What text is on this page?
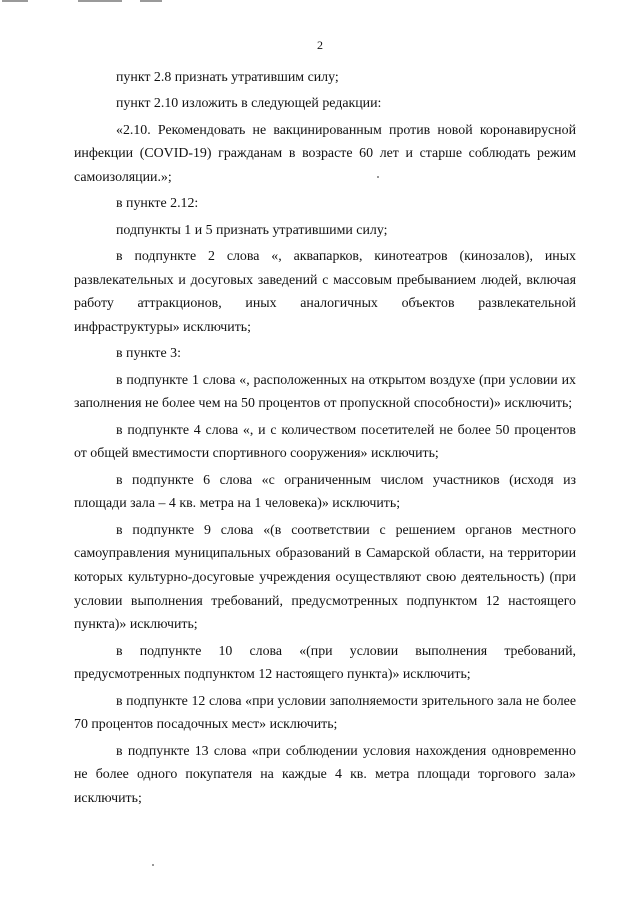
2

пункт 2.8 признать утратившим силу;

пункт 2.10 изложить в следующей редакции:

«2.10. Рекомендовать не вакцинированным против новой коронавирусной инфекции (COVID-19) гражданам в возрасте 60 лет и старше соблюдать режим самоизоляции.»;

в пункте 2.12:

подпункты 1 и 5 признать утратившими силу;

в подпункте 2 слова «, аквапарков, кинотеатров (кинозалов), иных развлекательных и досуговых заведений с массовым пребыванием людей, включая работу аттракционов, иных аналогичных объектов развлекательной инфраструктуры» исключить;

в пункте 3:

в подпункте 1 слова «, расположенных на открытом воздухе (при условии их заполнения не более чем на 50 процентов от пропускной способности)» исключить;

в подпункте 4 слова «, и с количеством посетителей не более 50 процентов от общей вместимости спортивного сооружения» исключить;

в подпункте 6 слова «с ограниченным числом участников (исходя из площади зала – 4 кв. метра на 1 человека)» исключить;

в подпункте 9 слова «(в соответствии с решением органов местного самоуправления муниципальных образований в Самарской области, на территории которых культурно-досуговые учреждения осуществляют свою деятельность) (при условии выполнения требований, предусмотренных подпунктом 12 настоящего пункта)» исключить;

в подпункте 10 слова «(при условии выполнения требований, предусмотренных подпунктом 12 настоящего пункта)» исключить;

в подпункте 12 слова «при условии заполняемости зрительного зала не более 70 процентов посадочных мест» исключить;

в подпункте 13 слова «при соблюдении условия нахождения одновременно не более одного покупателя на каждые 4 кв. метра площади торгового зала» исключить;
